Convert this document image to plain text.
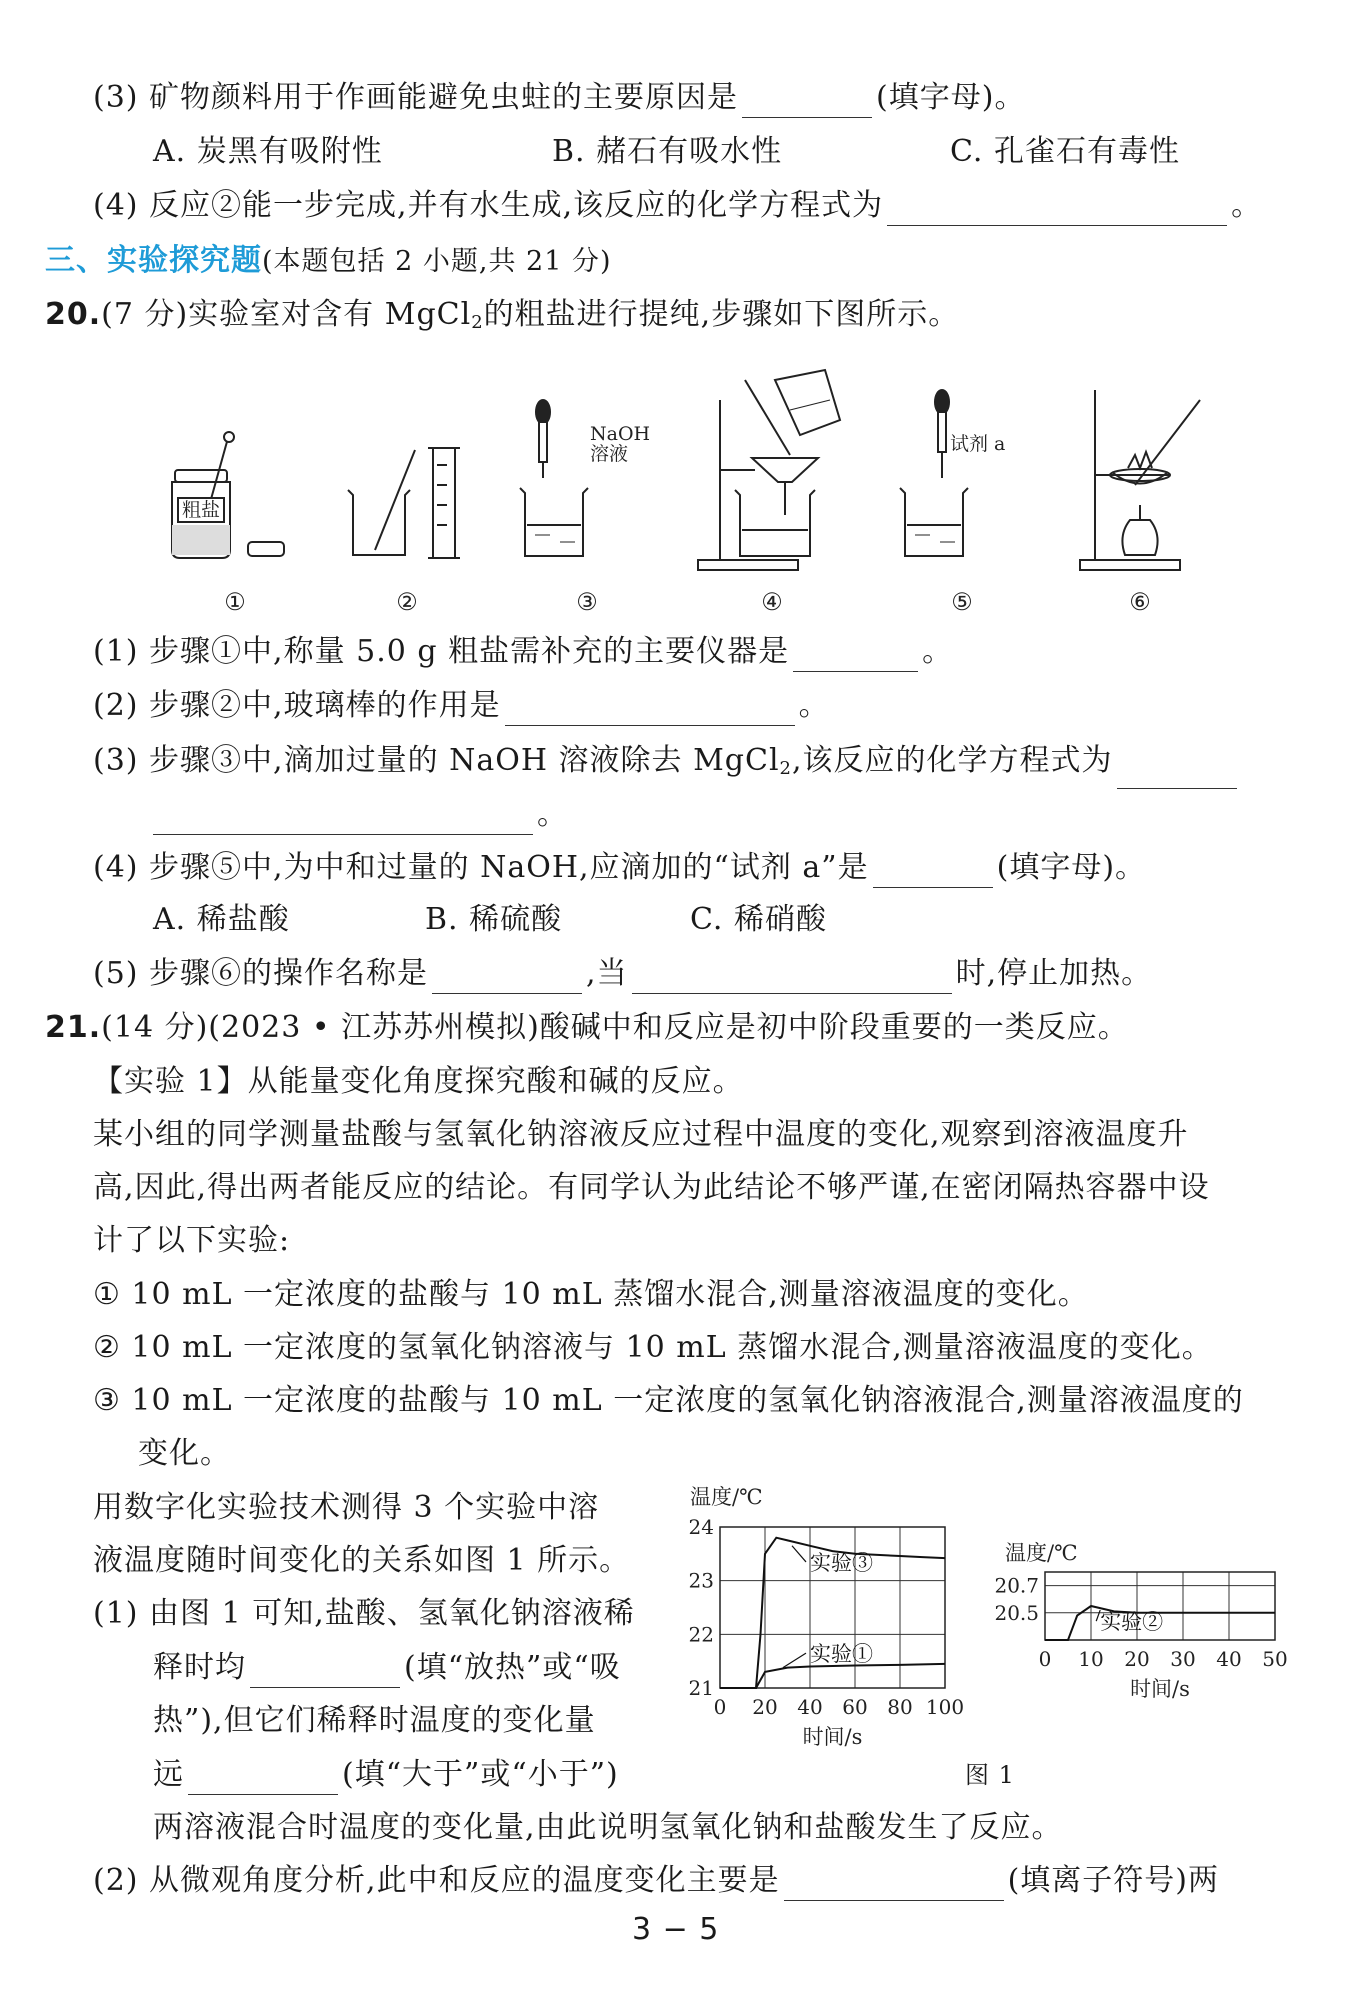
(3) 矿物颜料用于作画能避免虫蛀的主要原因是	(填字母)。
A. 炭黑有吸附性	B. 赭石有吸水性	C. 孔雀石有毒性
(4) 反应②能一步完成,并有水生成,该反应的化学方程式为	。
三、实验探究题(本题包括 2 小题,共 21 分)
20.(7 分)实验室对含有 MgCl$_2$的粗盐进行提纯,步骤如下图所示。
粗盐
NaOH
溶液	试剂 a
①	②	③	④	⑤	⑥
(1) 步骤①中,称量 5.0 g 粗盐需补充的主要仪器是	。
(2) 步骤②中,玻璃棒的作用是	。
(3) 步骤③中,滴加过量的 NaOH 溶液除去 MgCl$_2$,该反应的化学方程式为
。
(4) 步骤⑤中,为中和过量的 NaOH,应滴加的“试剂 a”是	(填字母)。
A. 稀盐酸	B. 稀硫酸	C. 稀硝酸
(5) 步骤⑥的操作名称是	,当	时,停止加热。
21.(14 分)(2023 • 江苏苏州模拟)酸碱中和反应是初中阶段重要的一类反应。
【实验 1】从能量变化角度探究酸和碱的反应。
某小组的同学测量盐酸与氢氧化钠溶液反应过程中温度的变化,观察到溶液温度升
高,因此,得出两者能反应的结论。有同学认为此结论不够严谨,在密闭隔热容器中设
计了以下实验:
① 10 mL 一定浓度的盐酸与 10 mL 蒸馏水混合,测量溶液温度的变化。
② 10 mL 一定浓度的氢氧化钠溶液与 10 mL 蒸馏水混合,测量溶液温度的变化。
③ 10 mL 一定浓度的盐酸与 10 mL 一定浓度的氢氧化钠溶液混合,测量溶液温度的
变化。
用数字化实验技术测得 3 个实验中溶
液温度随时间变化的关系如图 1 所示。
(1) 由图 1 可知,盐酸、氢氧化钠溶液稀
释时均	(填“放热”或“吸
热”),但它们稀释时温度的变化量
远	(填“大于”或“小于”)
两溶液混合时温度的变化量,由此说明氢氧化钠和盐酸发生了反应。
(2) 从微观角度分析,此中和反应的温度变化主要是	(填离子符号)两
0 20 40 60 80 100
21
22
23
24
温度/℃
时间/s
实验③
实验①	0 10 20 30 40 50
20.5
20.7
温度/℃
时间/s
实验②
图 1
3 − 5
